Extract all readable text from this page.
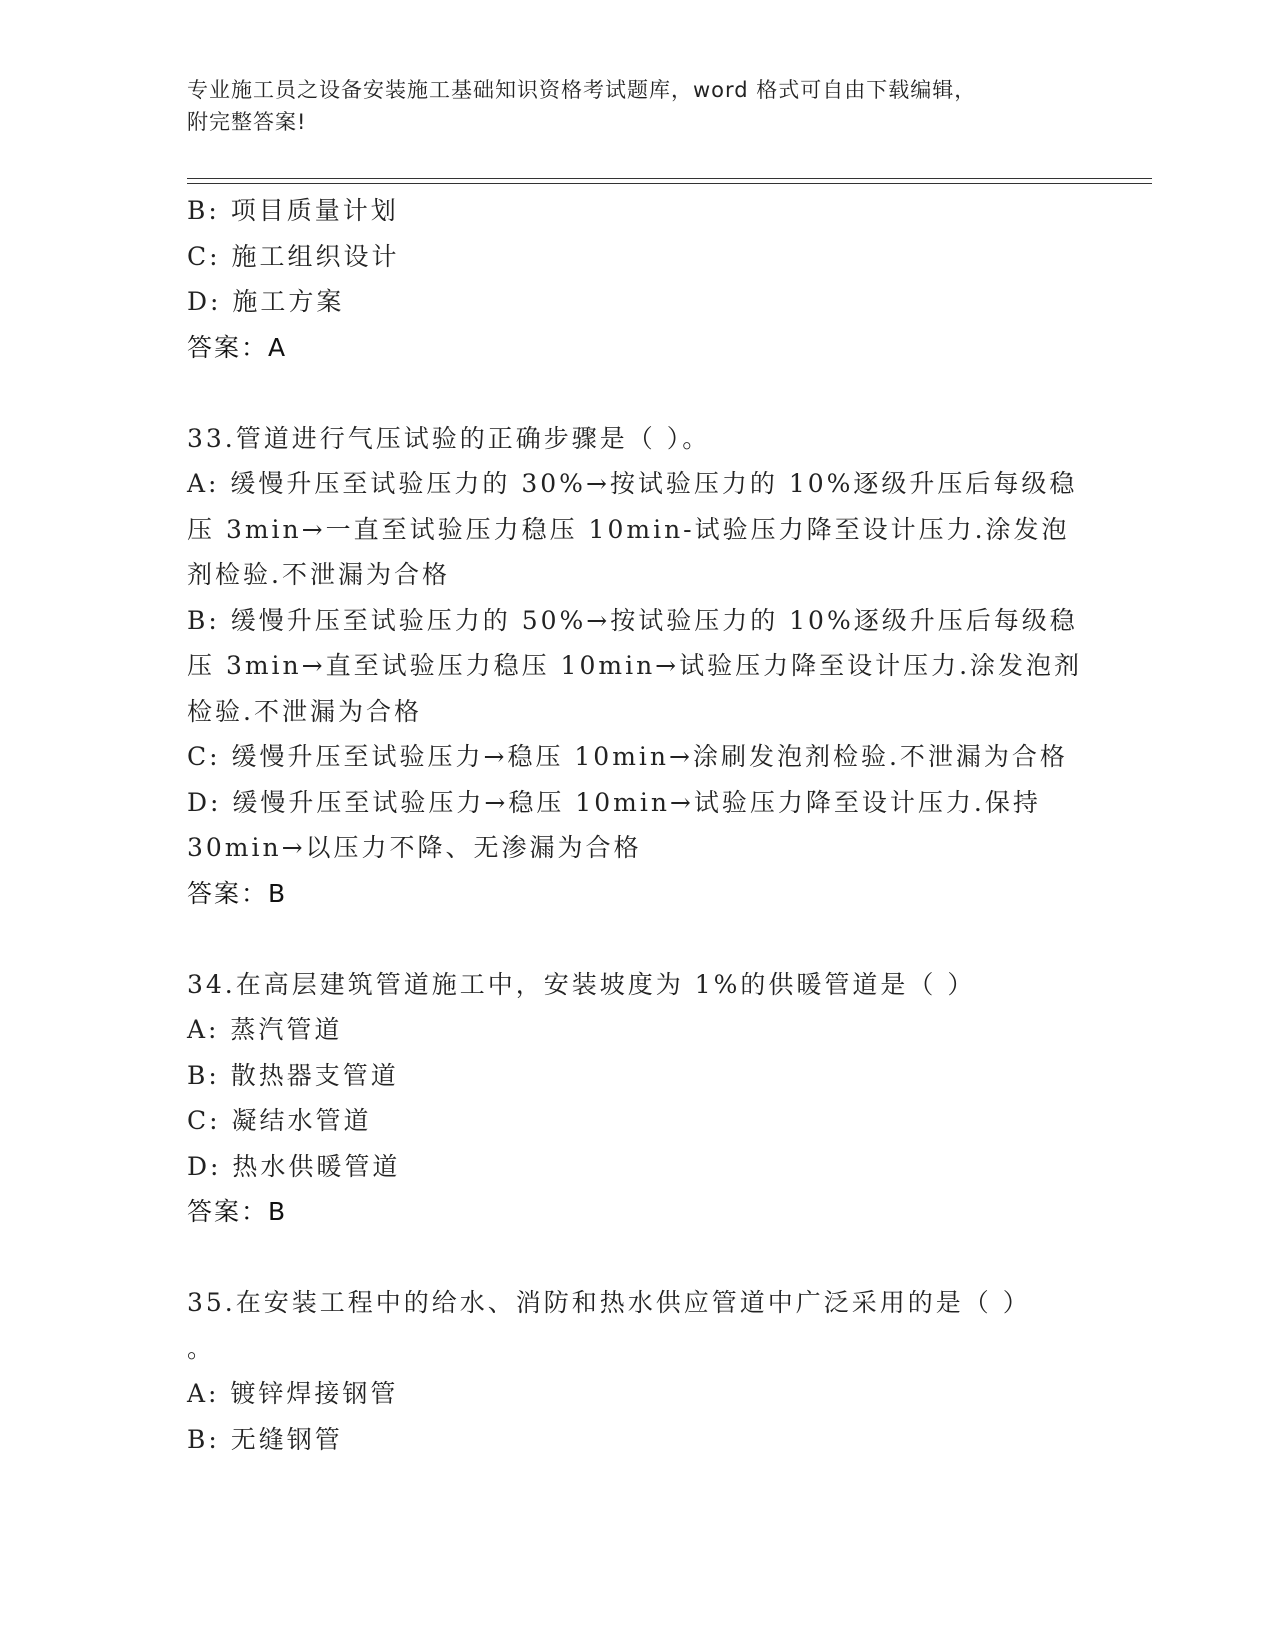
专业施工员之设备安装施工基础知识资格考试题库，word 格式可自由下载编辑，
附完整答案!
B: 项目质量计划
C: 施工组织设计
D: 施工方案
答案：A
33.管道进行气压试验的正确步骤是（ ）。
A: 缓慢升压至试验压力的 30%→按试验压力的 10%逐级升压后每级稳
压 3min→一直至试验压力稳压 10min-试验压力降至设计压力.涂发泡
剂检验.不泄漏为合格
B: 缓慢升压至试验压力的 50%→按试验压力的 10%逐级升压后每级稳
压 3min→直至试验压力稳压 10min→试验压力降至设计压力.涂发泡剂
检验.不泄漏为合格
C: 缓慢升压至试验压力→稳压 10min→涂刷发泡剂检验.不泄漏为合格
D: 缓慢升压至试验压力→稳压 10min→试验压力降至设计压力.保持
30min→以压力不降、无渗漏为合格
答案：B
34.在高层建筑管道施工中，安装坡度为 1%的供暖管道是（ ）
A: 蒸汽管道
B: 散热器支管道
C: 凝结水管道
D: 热水供暖管道
答案：B
35.在安装工程中的给水、消防和热水供应管道中广泛采用的是（ ）
。
A: 镀锌焊接钢管
B: 无缝钢管
